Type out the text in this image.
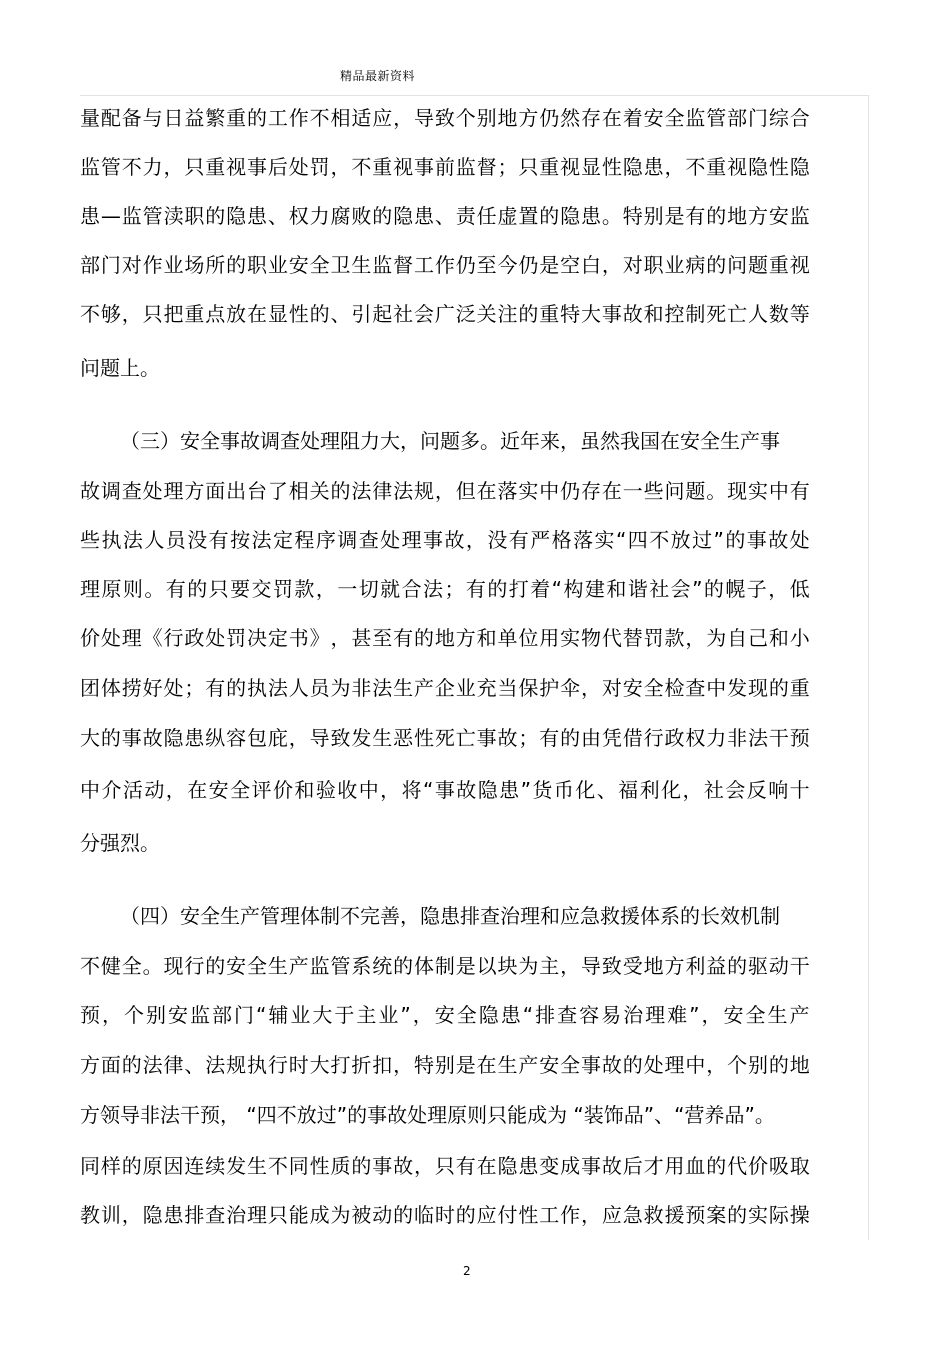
精品最新资料
量 配 备 与 日 益 繁 重 的 工 作 不 相 适 应 ， 导 致 个 别 地 方 仍 然 存 在 着 安 全 监 管 部 门 综 合
监 管 不 力 ， 只 重 视 事 后 处 罚 ， 不 重 视 事 前 监 督 ； 只 重 视 显 性 隐 患 ， 不 重 视 隐 性 隐
患 — 监 管 渎 职 的 隐 患 、 权 力 腐 败 的 隐 患 、 责 任 虚 置 的 隐 患 。 特 别 是 有 的 地 方 安 监
部 门 对 作 业 场 所 的 职 业 安 全 卫 生 监 督 工 作 仍 至 今 仍 是 空 白 ， 对 职 业 病 的 问 题 重 视
不 够 ， 只 把 重 点 放 在 显 性 的 、 引 起 社 会 广 泛 关 注 的 重 特 大 事 故 和 控 制 死 亡 人 数 等
问题上。
（三）安全事故调查处理阻力大，问题多。近年来，虽然我国在安全生产事
故 调 查 处 理 方 面 出 台 了 相 关 的 法 律 法 规 ， 但 在 落 实 中 仍 存 在 一 些 问 题 。 现 实 中 有
些 执 法 人 员 没 有 按 法 定 程 序 调 查 处 理 事 故 ， 没 有 严 格 落 实 “ 四 不 放 过 ” 的 事 故 处
理 原 则 。 有 的 只 要 交 罚 款 ， 一 切 就 合 法 ； 有 的 打 着 “ 构 建 和 谐 社 会 ” 的 幌 子 ， 低
价 处 理 《 行 政 处 罚 决 定 书 》 ， 甚 至 有 的 地 方 和 单 位 用 实 物 代 替 罚 款 ， 为 自 己 和 小
团 体 捞 好 处 ； 有 的 执 法 人 员 为 非 法 生 产 企 业 充 当 保 护 伞 ， 对 安 全 检 查 中 发 现 的 重
大 的 事 故 隐 患 纵 容 包 庇 ， 导 致 发 生 恶 性 死 亡 事 故 ； 有 的 由 凭 借 行 政 权 力 非 法 干 预
中 介 活 动 ， 在 安 全 评 价 和 验 收 中 ， 将 “ 事 故 隐 患 ” 货 币 化 、 福 利 化 ， 社 会 反 响 十
分强烈。
（四）安全生产管理体制不完善，隐患排查治理和应急救援体系的长效机制
不 健 全 。 现 行 的 安 全 生 产 监 管 系 统 的 体 制 是 以 块 为 主 ， 导 致 受 地 方 利 益 的 驱 动 干
预 ， 个 别 安 监 部 门 “ 辅 业 大 于 主 业 ” ， 安 全 隐 患 “ 排 查 容 易 治 理 难 ” ， 安 全 生 产
方 面 的 法 律 、 法 规 执 行 时 大 打 折 扣 ， 特 别 是 在 生 产 安 全 事 故 的 处 理 中 ， 个 别 的 地
方领导非法干预， “四不放过”的事故处理原则只能成为 “装饰品”、“营养品”。
同 样 的 原 因 连 续 发 生 不 同 性 质 的 事 故 ， 只 有 在 隐 患 变 成 事 故 后 才 用 血 的 代 价 吸 取
教 训 ， 隐 患 排 查 治 理 只 能 成 为 被 动 的 临 时 的 应 付 性 工 作 ， 应 急 救 援 预 案 的 实 际 操
2
